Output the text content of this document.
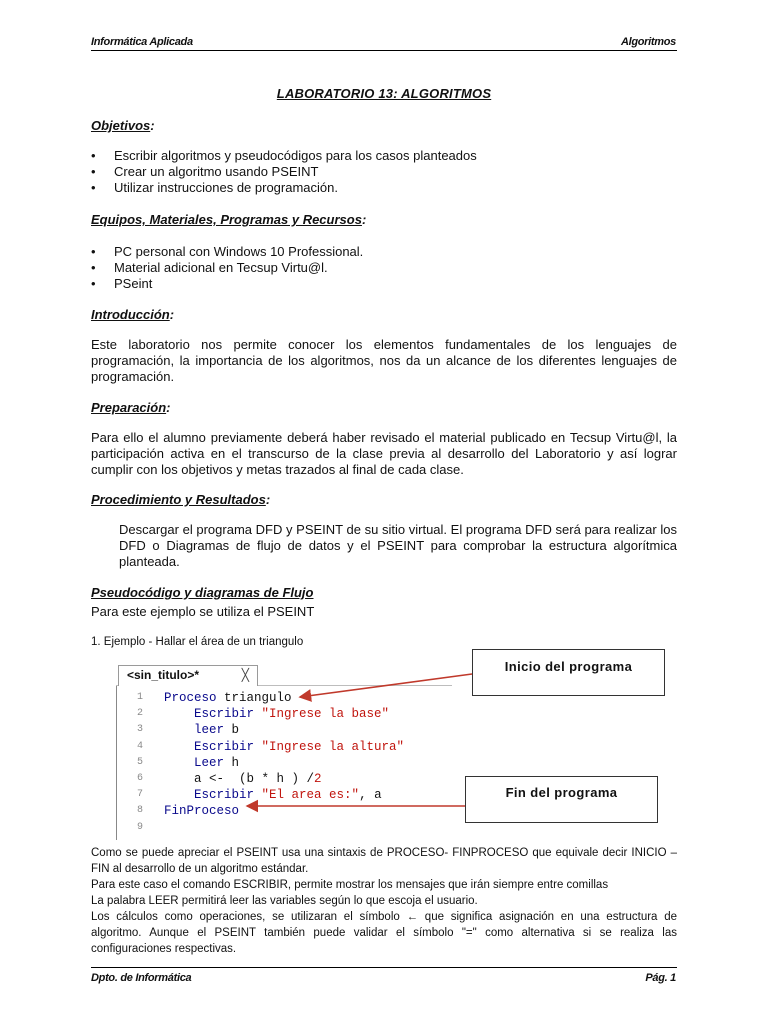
Informática Aplicada	Algoritmos
LABORATORIO 13: ALGORITMOS
Objetivos:
• Escribir algoritmos y pseudocódigos para los casos planteados
• Crear un algoritmo usando PSEINT
• Utilizar instrucciones de programación.
Equipos, Materiales, Programas y Recursos:
• PC personal con Windows 10 Professional.
• Material adicional en Tecsup Virtu@l.
• PSeint
Introducción:
Este laboratorio nos permite conocer los elementos fundamentales de los lenguajes de programación, la importancia de los algoritmos, nos da un alcance de los diferentes lenguajes de programación.
Preparación:
Para ello el alumno previamente deberá haber revisado el material publicado en Tecsup Virtu@l, la participación activa en el transcurso de la clase previa al desarrollo del Laboratorio y así lograr cumplir con los objetivos y metas trazados al final de cada clase.
Procedimiento y Resultados:
Descargar el programa DFD y PSEINT de su sitio virtual. El programa DFD será para realizar los DFD o Diagramas de flujo de datos y el PSEINT para comprobar la estructura algorítmica planteada.
Pseudocódigo y diagramas de Flujo
Para este ejemplo se utiliza el PSEINT
1. Ejemplo - Hallar el área de un triangulo
<sin_titulo>*	╳
1	Proceso triangulo
2	Escribir "Ingrese la base"
3	leer b
4	Escribir "Ingrese la altura"
5	Leer h
6	a <-  (b * h ) /2
7	Escribir "El area es:", a
8	FinProceso
9
Inicio del programa
Fin del programa
Como se puede apreciar el PSEINT usa una sintaxis de PROCESO- FINPROCESO que equivale decir INICIO – FIN al desarrollo de un algoritmo estándar.
Para este caso el comando ESCRIBIR, permite mostrar los mensajes que irán siempre entre comillas
La palabra LEER permitirá leer las variables según lo que escoja el usuario.
Los cálculos como operaciones, se utilizaran el símbolo ← que significa asignación en una estructura de algoritmo. Aunque el PSEINT también puede validar el símbolo "=" como alternativa si se realiza las configuraciones respectivas.
Dpto. de Informática	Pág. 1
